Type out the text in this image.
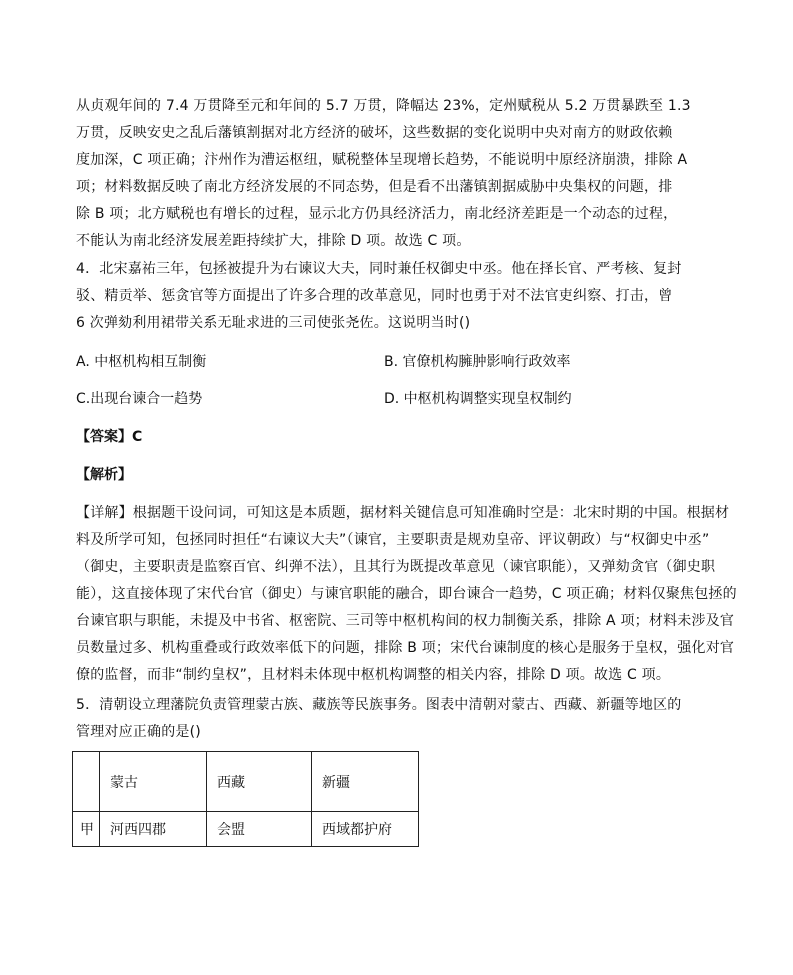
从贞观年间的 7.4 万贯降至元和年间的 5.7 万贯，降幅达 23%，定州赋税从 5.2 万贯暴跌至 1.3
万贯，反映安史之乱后藩镇割据对北方经济的破坏，这些数据的变化说明中央对南方的财政依赖
度加深，C 项正确；汴州作为漕运枢纽，赋税整体呈现增长趋势，不能说明中原经济崩溃，排除 A
项；材料数据反映了南北方经济发展的不同态势，但是看不出藩镇割据威胁中央集权的问题，排
除 B 项；北方赋税也有增长的过程，显示北方仍具经济活力，南北经济差距是一个动态的过程，
不能认为南北经济发展差距持续扩大，排除 D 项。故选 C 项。
4．北宋嘉祐三年，包拯被提升为右谏议大夫，同时兼任权御史中丞。他在择长官、严考核、复封
驳、精贡举、惩贪官等方面提出了许多合理的改革意见，同时也勇于对不法官吏纠察、打击，曾
6 次弹劾利用裙带关系无耻求进的三司使张尧佐。这说明当时()
A. 中枢机构相互制衡	B. 官僚机构臃肿影响行政效率
C.出现台谏合一趋势	D. 中枢机构调整实现皇权制约
【答案】C
【解析】
【详解】根据题干设问词，可知这是本质题，据材料关键信息可知准确时空是：北宋时期的中国。根据材
料及所学可知，包拯同时担任“右谏议大夫”（谏官，主要职责是规劝皇帝、评议朝政）与“权御史中丞”
（御史，主要职责是监察百官、纠弹不法），且其行为既提改革意见（谏官职能），又弹劾贪官（御史职
能），这直接体现了宋代台官（御史）与谏官职能的融合，即台谏合一趋势，C 项正确；材料仅聚焦包拯的
台谏官职与职能，未提及中书省、枢密院、三司等中枢机构间的权力制衡关系，排除 A 项；材料未涉及官
员数量过多、机构重叠或行政效率低下的问题，排除 B 项；宋代台谏制度的核心是服务于皇权，强化对官
僚的监督，而非“制约皇权”，且材料未体现中枢机构调整的相关内容，排除 D 项。故选 C 项。
5．清朝设立理藩院负责管理蒙古族、藏族等民族事务。图表中清朝对蒙古、西藏、新疆等地区的
管理对应正确的是()
	蒙古	西藏	新疆
甲	河西四郡	会盟	西域都护府
